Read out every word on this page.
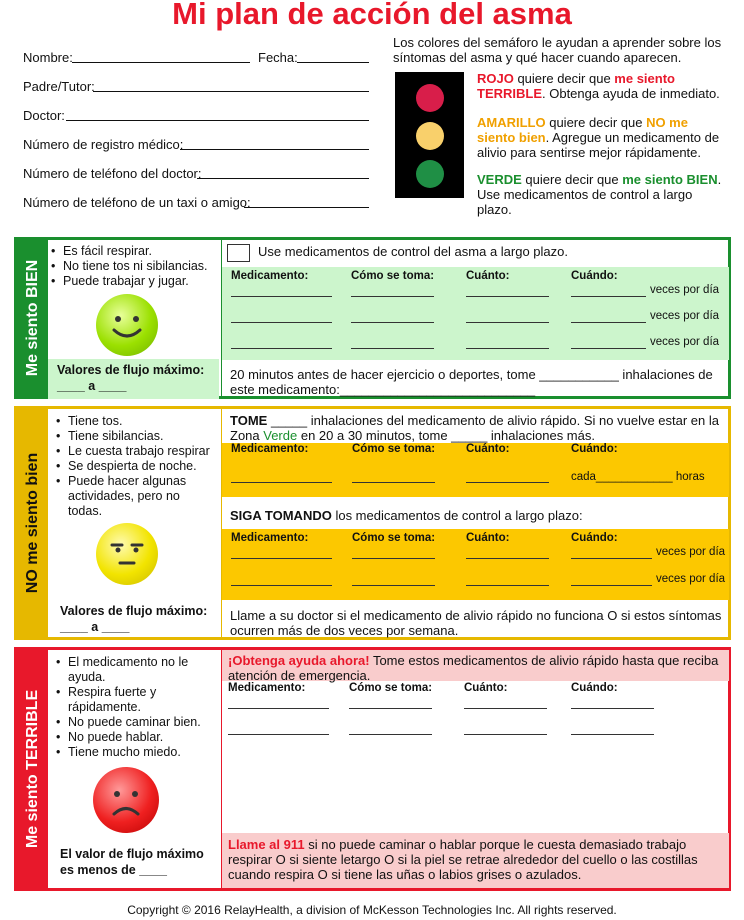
Mi plan de acción del asma
Nombre:	Fecha:
Padre/Tutor:
Doctor:
Número de registro médico:
Número de teléfono del doctor:
Número de teléfono de un taxi o amigo:
Los colores del semáforo le ayudan a aprender sobre los síntomas del asma y qué hacer cuando aparecen.
ROJO quiere decir que me siento TERRIBLE. Obtenga ayuda de inmediato.
AMARILLO quiere decir que NO me siento bien. Agregue un medicamento de alivio para sentirse mejor rápidamente.
VERDE quiere decir que me siento BIEN. Use medicamentos de control a largo plazo.
Me siento BIEN
• Es fácil respirar.
• No tiene tos ni sibilancias.
• Puede trabajar y jugar.
Valores de flujo máximo:
____ a ____
Use medicamentos de control del asma a largo plazo.
Medicamento:	Cómo se toma:	Cuánto:	Cuándo:
veces por día
veces por día
veces por día
20 minutos antes de hacer ejercicio o deportes, tome ___________ inhalaciones de este medicamento:___________________________
NO me siento bien
• Tiene tos.
• Tiene sibilancias.
• Le cuesta trabajo respirar
• Se despierta de noche.
• Puede hacer algunas actividades, pero no todas.
Valores de flujo máximo:
____ a ____
TOME _____ inhalaciones del medicamento de alivio rápido. Si no vuelve estar en la Zona Verde en 20 a 30 minutos, tome _____ inhalaciones más.
Medicamento:	Cómo se toma:	Cuánto:	Cuándo:
cada____________ horas
SIGA TOMANDO los medicamentos de control a largo plazo:
Medicamento:	Cómo se toma:	Cuánto:	Cuándo:
veces por día
veces por día
Llame a su doctor si el medicamento de alivio rápido no funciona O si estos síntomas ocurren más de dos veces por semana.
Me siento TERRIBLE
• El medicamento no le ayuda.
• Respira fuerte y rápidamente.
• No puede caminar bien.
• No puede hablar.
• Tiene mucho miedo.
El valor de flujo máximo es menos de ____
¡Obtenga ayuda ahora! Tome estos medicamentos de alivio rápido hasta que reciba atención de emergencia.
Medicamento:	Cómo se toma:	Cuánto:	Cuándo:
Llame al 911 si no puede caminar o hablar porque le cuesta demasiado trabajo respirar O si siente letargo O si la piel se retrae alrededor del cuello o las costillas cuando respira O si tiene las uñas o labios grises o azulados.
Copyright © 2016 RelayHealth, a division of McKesson Technologies Inc. All rights reserved.
